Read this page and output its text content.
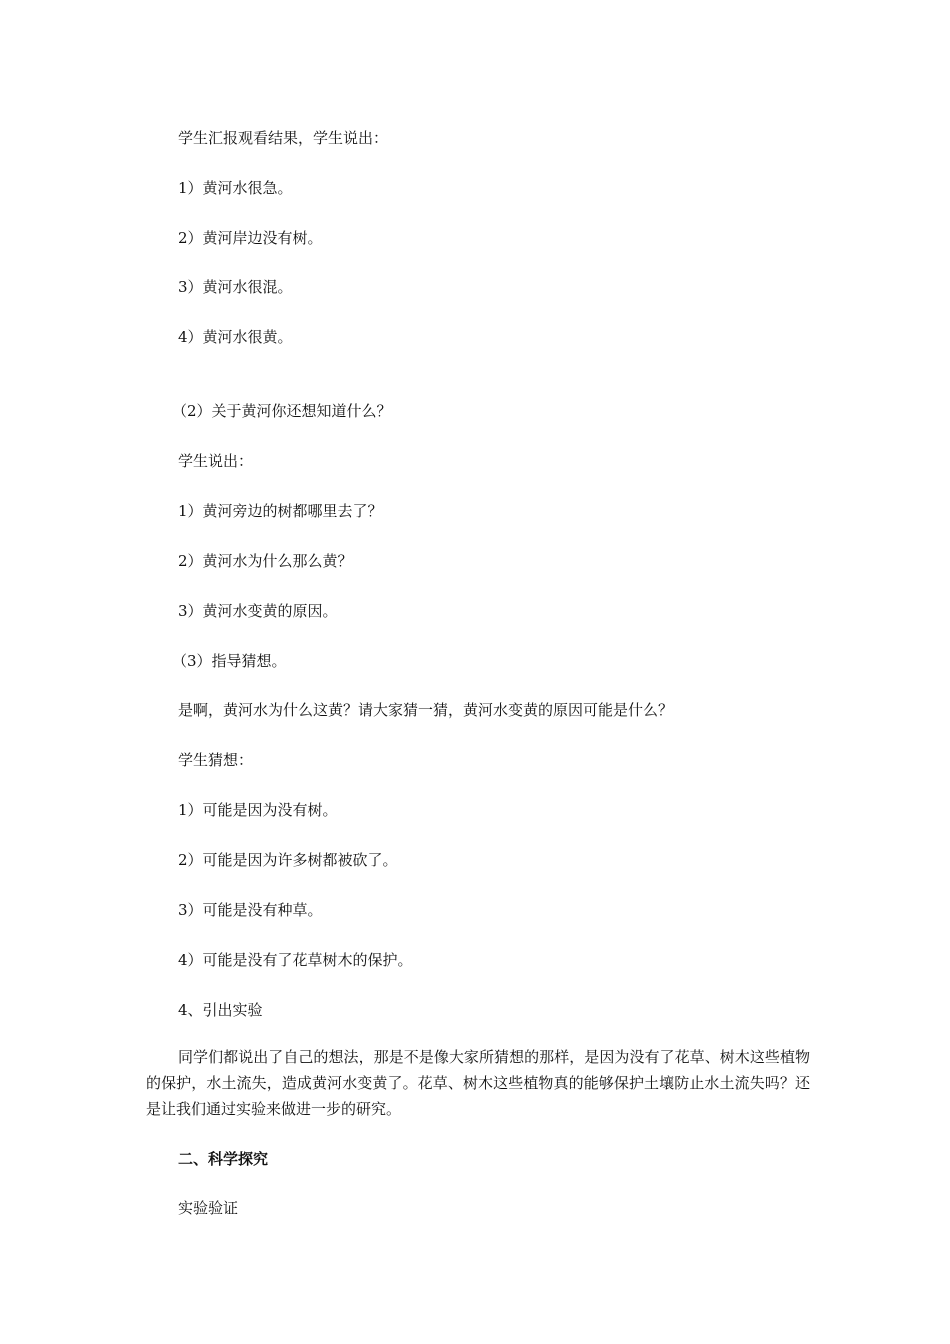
学生汇报观看结果，学生说出：
1）黄河水很急。
2）黄河岸边没有树。
3）黄河水很混。
4）黄河水很黄。
（2）关于黄河你还想知道什么？
学生说出：
1）黄河旁边的树都哪里去了？
2）黄河水为什么那么黄？
3）黄河水变黄的原因。
（3）指导猜想。
是啊，黄河水为什么这黄？请大家猜一猜，黄河水变黄的原因可能是什么？
学生猜想：
1）可能是因为没有树。
2）可能是因为许多树都被砍了。
3）可能是没有种草。
4）可能是没有了花草树木的保护。
4、引出实验
同学们都说出了自己的想法，那是不是像大家所猜想的那样，是因为没有了花草、树木这些植物的保护，水土流失，造成黄河水变黄了。花草、树木这些植物真的能够保护土壤防止水土流失吗？还是让我们通过实验来做进一步的研究。
二、科学探究
实验验证
